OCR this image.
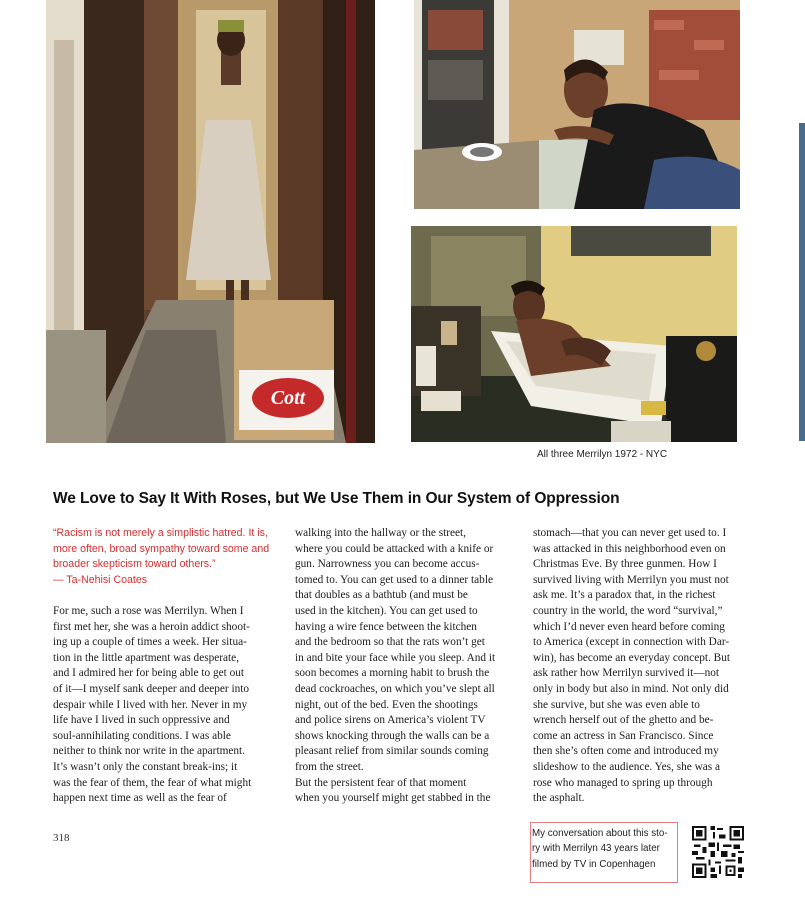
Cott
All three Merrilyn 1972 - NYC
We Love to Say It With Roses, but We Use Them in Our System of Oppression

“Racism is not merely a simplistic hatred. It is,

more often, broad sympathy toward some and

broader skepticism toward others.”

— Ta-Nehisi Coates

For me, such a rose was Merrilyn. When I

first met her, she was a heroin addict shoot-

ing up a couple of times a week. Her situa-

tion in the little apartment was desperate,

and I admired her for being able to get out

of it—I myself sank deeper and deeper into

despair while I lived with her. Never in my

life have I lived in such oppressive and

soul-annihilating conditions. I was able

neither to think nor write in the apartment.

It’s wasn’t only the constant break-ins; it

was the fear of them, the fear of what might

happen next time as well as the fear of

walking into the hallway or the street,

where you could be attacked with a knife or

gun. Narrowness you can become accus-

tomed to. You can get used to a dinner table

that doubles as a bathtub (and must be

used in the kitchen). You can get used to

having a wire fence between the kitchen

and the bedroom so that the rats won’t get

in and bite your face while you sleep. And it

soon becomes a morning habit to brush the

dead cockroaches, on which you’ve slept all

night, out of the bed. Even the shootings

and police sirens on America’s violent TV

shows knocking through the walls can be a

pleasant relief from similar sounds coming

from the street.

But the persistent fear of that moment

when you yourself might get stabbed in the

stomach—that you can never get used to. I

was attacked in this neighborhood even on

Christmas Eve. By three gunmen. How I

survived living with Merrilyn you must not

ask me. It’s a paradox that, in the richest

country in the world, the word “survival,”

which I’d never even heard before coming

to America (except in connection with Dar-

win), has become an everyday concept. But

ask rather how Merrilyn survived it—not

only in body but also in mind. Not only did

she survive, but she was even able to

wrench herself out of the ghetto and be-

come an actress in San Francisco. Since

then she’s often come and introduced my

slideshow to the audience. Yes, she was a

rose who managed to spring up through

the asphalt.

318	My conversation about this sto-
ry with Merrilyn 43 years later
filmed by TV in Copenhagen
